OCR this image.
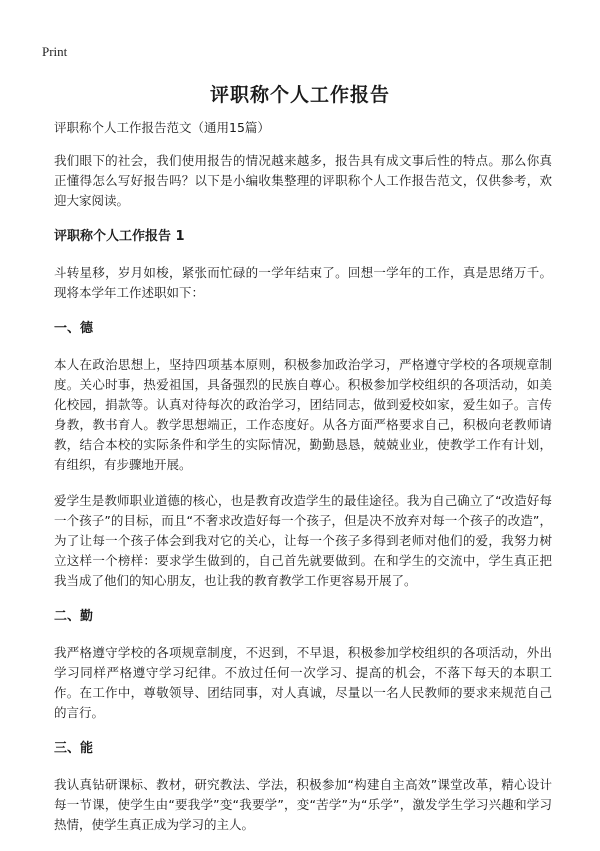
Print
评职称个人工作报告

评职称个人工作报告范文（通用15篇）

我们眼下的社会，我们使用报告的情况越来越多，报告具有成文事后性的特点。那么你真正懂得怎么写好报告吗？以下是小编收集整理的评职称个人工作报告范文，仅供参考，欢迎大家阅读。

评职称个人工作报告 1

斗转星移，岁月如梭，紧张而忙碌的一学年结束了。回想一学年的工作，真是思绪万千。现将本学年工作述职如下：

一、德

本人在政治思想上，坚持四项基本原则，积极参加政治学习，严格遵守学校的各项规章制度。关心时事，热爱祖国，具备强烈的民族自尊心。积极参加学校组织的各项活动，如美化校园，捐款等。认真对待每次的政治学习，团结同志，做到爱校如家，爱生如子。言传身教，教书育人。教学思想端正，工作态度好。从各方面严格要求自己，积极向老教师请教，结合本校的实际条件和学生的实际情况，勤勤恳恳，兢兢业业，使教学工作有计划，有组织，有步骤地开展。

爱学生是教师职业道德的核心，也是教育改造学生的最佳途径。我为自己确立了“改造好每一个孩子”的目标，而且“不奢求改造好每一个孩子，但是决不放弃对每一个孩子的改造”，为了让每一个孩子体会到我对它的关心，让每一个孩子多得到老师对他们的爱，我努力树立这样一个榜样：要求学生做到的，自己首先就要做到。在和学生的交流中，学生真正把我当成了他们的知心朋友，也让我的教育教学工作更容易开展了。

二、勤

我严格遵守学校的各项规章制度，不迟到，不早退，积极参加学校组织的各项活动，外出学习同样严格遵守学习纪律。不放过任何一次学习、提高的机会，不落下每天的本职工作。在工作中，尊敬领导、团结同事，对人真诚，尽量以一名人民教师的要求来规范自己的言行。

三、能

我认真钻研课标、教材，研究教法、学法，积极参加“构建自主高效”课堂改革，精心设计每一节课，使学生由“要我学”变“我要学”，变“苦学”为“乐学”，激发学生学习兴趣和学习热情，使学生真正成为学习的主人。
